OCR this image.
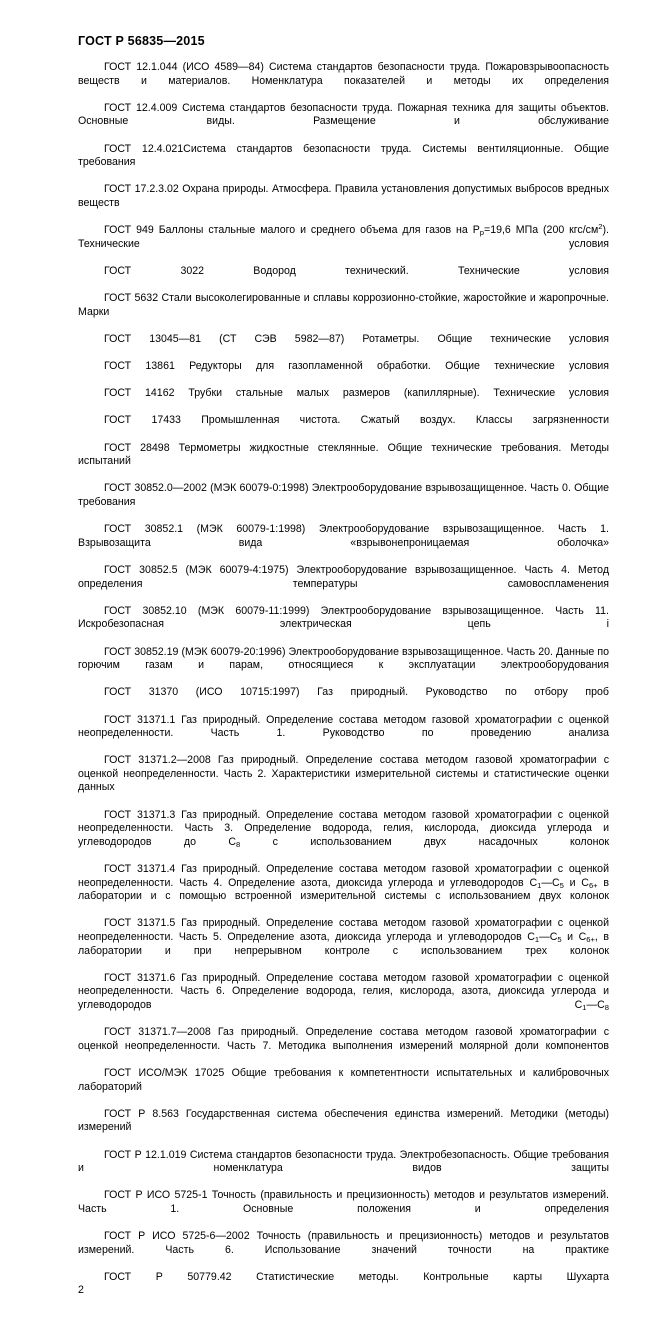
ГОСТ Р 56835—2015

ГОСТ 12.1.044 (ИСО 4589—84) Система стандартов безопасности труда. Пожаровзрывоопасность веществ и материалов. Номенклатура показателей и методы их определения

ГОСТ 12.4.009 Система стандартов безопасности труда. Пожарная техника для защиты объектов. Основные виды. Размещение и обслуживание

ГОСТ 12.4.021Система стандартов безопасности труда. Системы вентиляционные. Общие требования

ГОСТ 17.2.3.02 Охрана природы. Атмосфера. Правила установления допустимых выбросов вредных веществ

ГОСТ 949 Баллоны стальные малого и среднего объема для газов на $P_р=19,6$ МПа (200 кгс/$см^2$). Технические условия

ГОСТ 3022 Водород технический. Технические условия

ГОСТ 5632 Стали высоколегированные и сплавы коррозионно-стойкие, жаростойкие и жаропрочные. Марки

ГОСТ 13045—81 (СТ СЭВ 5982—87) Ротаметры. Общие технические условия

ГОСТ 13861 Редукторы для газопламенной обработки. Общие технические условия

ГОСТ 14162 Трубки стальные малых размеров (капиллярные). Технические условия

ГОСТ 17433 Промышленная чистота. Сжатый воздух. Классы загрязненности

ГОСТ 28498 Термометры жидкостные стеклянные. Общие технические требования. Методы испытаний

ГОСТ 30852.0—2002 (МЭК 60079-0:1998) Электрооборудование взрывозащищенное. Часть 0. Общие требования

ГОСТ 30852.1 (МЭК 60079-1:1998) Электрооборудование взрывозащищенное. Часть 1. Взрывозащита вида «взрывонепроницаемая оболочка»

ГОСТ 30852.5 (МЭК 60079-4:1975) Электрооборудование взрывозащищенное. Часть 4. Метод определения температуры самовоспламенения

ГОСТ 30852.10 (МЭК 60079-11:1999) Электрооборудование взрывозащищенное. Часть 11. Искробезопасная электрическая цепь i

ГОСТ 30852.19 (МЭК 60079-20:1996) Электрооборудование взрывозащищенное. Часть 20. Данные по горючим газам и парам, относящиеся к эксплуатации электрооборудования

ГОСТ 31370 (ИСО 10715:1997) Газ природный. Руководство по отбору проб

ГОСТ 31371.1 Газ природный. Определение состава методом газовой хроматографии с оценкой неопределенности. Часть 1. Руководство по проведению анализа

ГОСТ 31371.2—2008 Газ природный. Определение состава методом газовой хроматографии с оценкой неопределенности. Часть 2. Характеристики измерительной системы и статистические оценки данных

ГОСТ 31371.3 Газ природный. Определение состава методом газовой хроматографии с оценкой неопределенности. Часть 3. Определение водорода, гелия, кислорода, диоксида углерода и углеводородов до $C_8$ с использованием двух насадочных колонок

ГОСТ 31371.4 Газ природный. Определение состава методом газовой хроматографии с оценкой неопределенности. Часть 4. Определение азота, диоксида углерода и углеводородов $C_1—C_5$ и $C_{6+}$ в лаборатории и с помощью встроенной измерительной системы с использованием двух колонок

ГОСТ 31371.5 Газ природный. Определение состава методом газовой хроматографии с оценкой неопределенности. Часть 5. Определение азота, диоксида углерода и углеводородов $C_1—C_5$ и $C_{6+}$, в лаборатории и при непрерывном контроле с использованием трех колонок

ГОСТ 31371.6 Газ природный. Определение состава методом газовой хроматографии с оценкой неопределенности. Часть 6. Определение водорода, гелия, кислорода, азота, диоксида углерода и углеводородов $C_1—C_8$

ГОСТ 31371.7—2008 Газ природный. Определение состава методом газовой хроматографии с оценкой неопределенности. Часть 7. Методика выполнения измерений молярной доли компонентов

ГОСТ ИСО/МЭК 17025 Общие требования к компетентности испытательных и калибровочных лабораторий

ГОСТ Р 8.563 Государственная система обеспечения единства измерений. Методики (методы) измерений

ГОСТ Р 12.1.019 Система стандартов безопасности труда. Электробезопасность. Общие требования и номенклатура видов защиты

ГОСТ Р ИСО 5725-1 Точность (правильность и прецизионность) методов и результатов измерений. Часть 1. Основные положения и определения

ГОСТ Р ИСО 5725-6—2002 Точность (правильность и прецизионность) методов и результатов измерений. Часть 6. Использование значений точности на практике

ГОСТ Р 50779.42 Статистические методы. Контрольные карты Шухарта

2
